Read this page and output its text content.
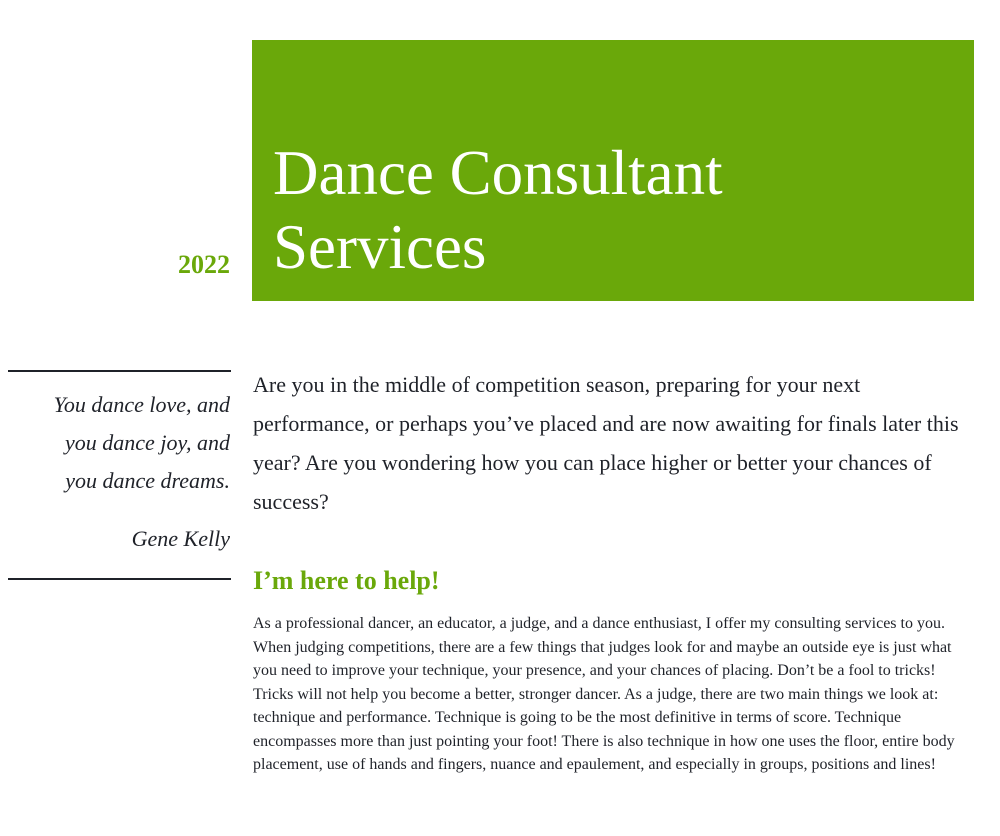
Dance Consultant
Services
2022
You dance love, and
you dance joy, and
you dance dreams.
Gene Kelly

Are you in the middle of competition season, preparing for your next performance, or perhaps you’ve placed and are now awaiting for finals later this year? Are you wondering how you can place higher or better your chances of success?

I’m here to help!

As a professional dancer, an educator, a judge, and a dance enthusiast, I offer my consulting services to you. When judging competitions, there are a few things that judges look for and maybe an outside eye is just what you need to improve your technique, your presence, and your chances of placing. Don’t be a fool to tricks! Tricks will not help you become a better, stronger dancer. As a judge, there are two main things we look at: technique and performance. Technique is going to be the most definitive in terms of score. Technique encompasses more than just pointing your foot! There is also technique in how one uses the floor, entire body placement, use of hands and fingers, nuance and epaulement, and especially in groups, positions and lines!
